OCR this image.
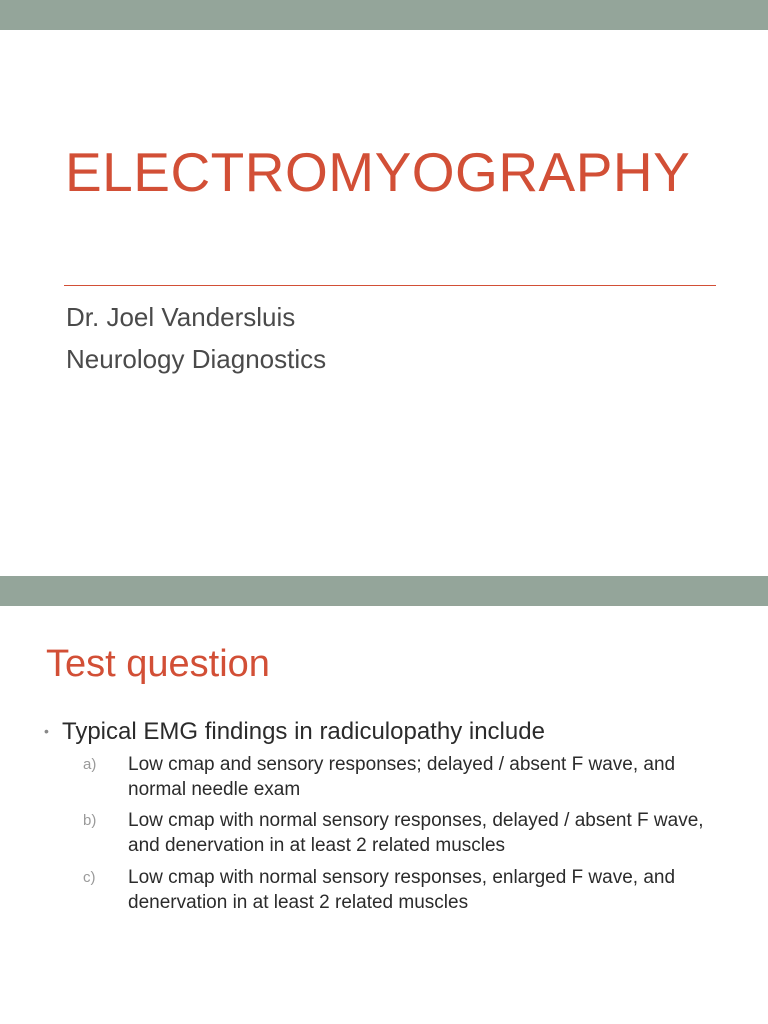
ELECTROMYOGRAPHY
Dr. Joel Vandersluis
Neurology Diagnostics
Test question
• Typical EMG findings in radiculopathy include
a) Low cmap and sensory responses; delayed / absent F wave, and normal needle exam
b) Low cmap with normal sensory responses, delayed / absent F wave, and denervation in at least 2 related muscles
c) Low cmap with normal sensory responses, enlarged F wave, and denervation in at least 2 related muscles
